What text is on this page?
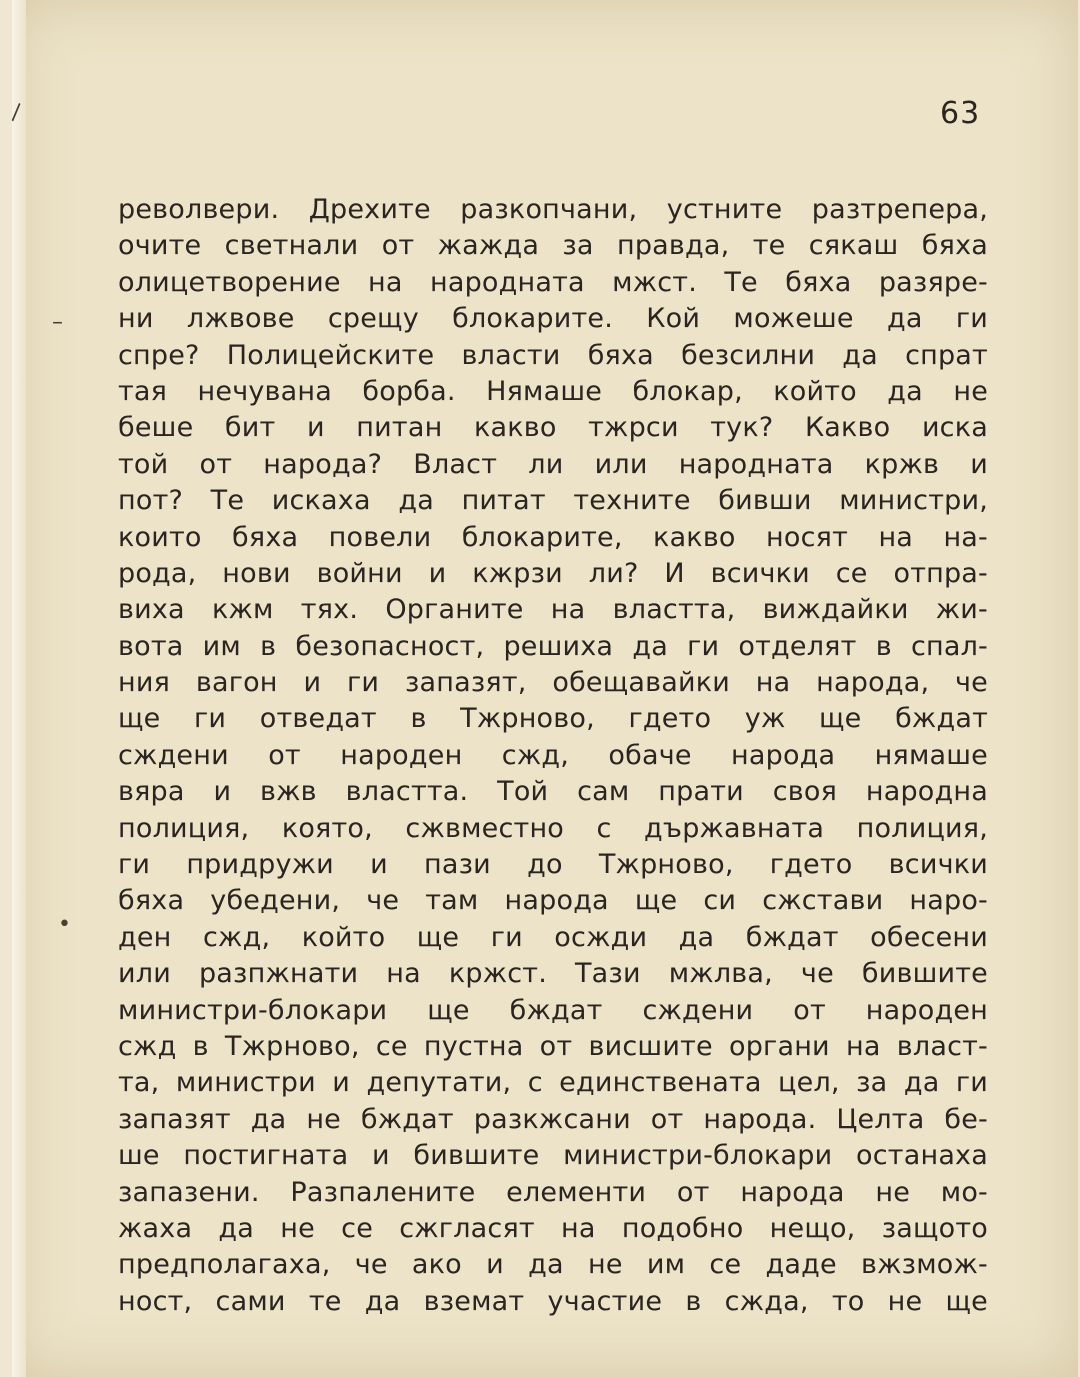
63
\
–
•
револвери. Дрехите разкопчани, устните разтрепера,
очите светнали от жажда за правда, те сякаш бяха
олицетворение на народната мжст. Те бяха разяре-
ни лжвове срещу блокарите. Кой можеше да ги
спре? Полицейските власти бяха безсилни да спрат
тая нечувана борба. Нямаше блокар, който да не
беше бит и питан какво тжрси тук? Какво иска
той от народа? Власт ли или народната кржв и
пот? Те искаха да питат техните бивши министри,
които бяха повели блокарите, какво носят на на-
рода, нови войни и кжрзи ли? И всички се отпра-
виха кжм тях. Органите на властта, виждайки жи-
вота им в безопасност, решиха да ги отделят в спал-
ния вагон и ги запазят, обещавайки на народа, че
ще ги отведат в Тжрново, гдето уж ще бждат
сждени от народен сжд, обаче народа нямаше
вяра и вжв властта. Той сам прати своя народна
полиция, която, сжвместно с държавната полиция,
ги придружи и пази до Тжрново, гдето всички
бяха убедени, че там народа ще си сжстави наро-
ден сжд, който ще ги осжди да бждат обесени
или разпжнати на кржст. Тази мжлва, че бившите
министри-блокари ще бждат сждени от народен
сжд в Тжрново, се пустна от висшите органи на власт-
та, министри и депутати, с единствената цел, за да ги
запазят да не бждат разкжсани от народа. Целта бе-
ше постигната и бившите министри-блокари останаха
запазени. Разпалените елементи от народа не мо-
жаха да не се сжгласят на подобно нещо, защото
предполагаха, че ако и да не им се даде вжзмож-
ност, сами те да вземат участие в сжда, то не ще
